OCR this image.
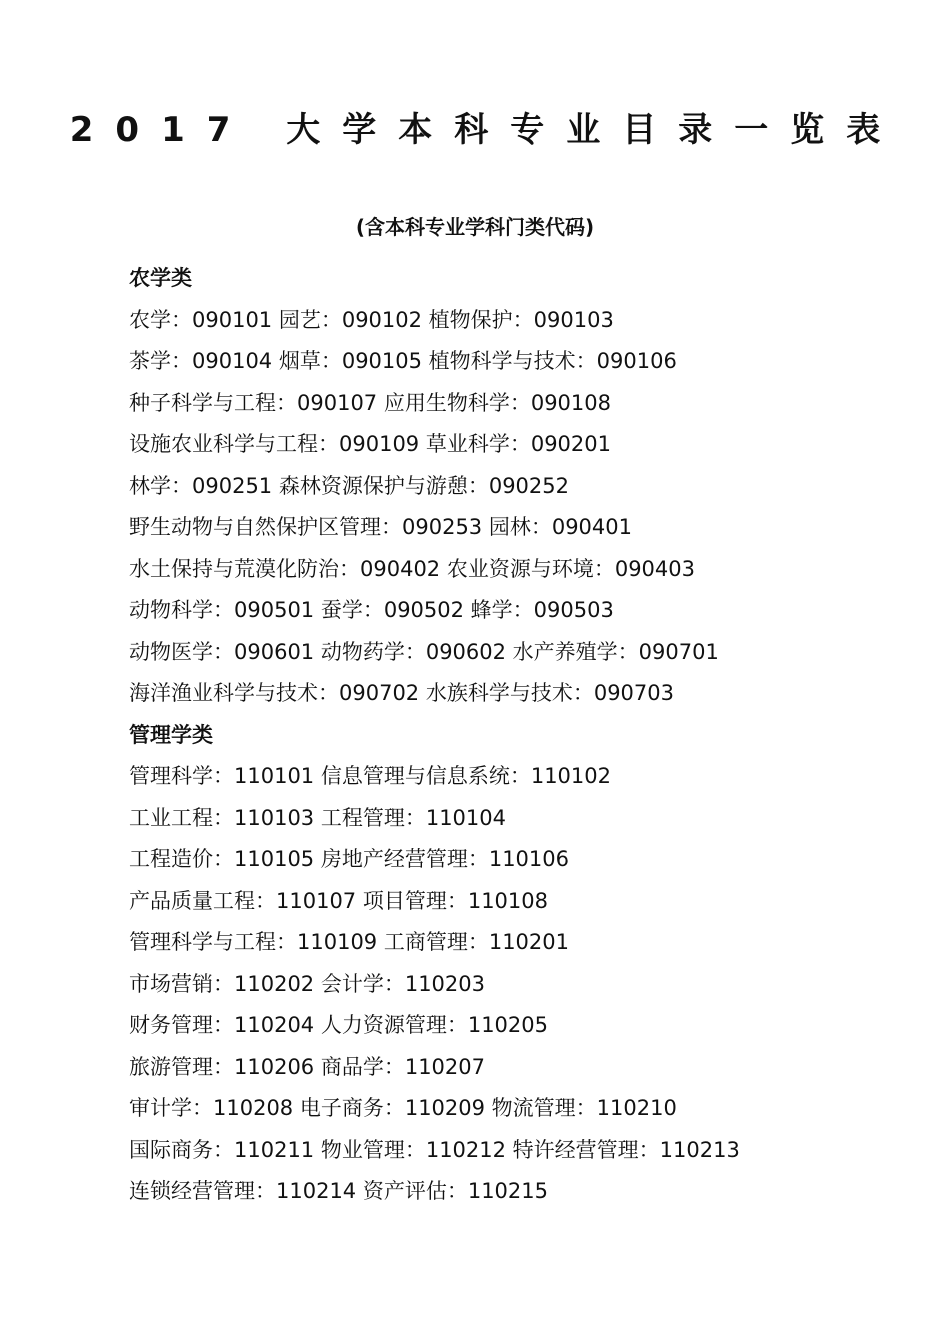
2017 大学本科专业目录一览表
(含本科专业学科门类代码)
农学类
农学：090101 园艺：090102 植物保护：090103
茶学：090104 烟草：090105 植物科学与技术：090106
种子科学与工程：090107 应用生物科学：090108
设施农业科学与工程：090109 草业科学：090201
林学：090251 森林资源保护与游憩：090252
野生动物与自然保护区管理：090253 园林：090401
水土保持与荒漠化防治：090402 农业资源与环境：090403
动物科学：090501 蚕学：090502 蜂学：090503
动物医学：090601 动物药学：090602 水产养殖学：090701
海洋渔业科学与技术：090702 水族科学与技术：090703
管理学类
管理科学：110101 信息管理与信息系统：110102
工业工程：110103 工程管理：110104
工程造价：110105 房地产经营管理：110106
产品质量工程：110107 项目管理：110108
管理科学与工程：110109 工商管理：110201
市场营销：110202 会计学：110203
财务管理：110204 人力资源管理：110205
旅游管理：110206 商品学：110207
审计学：110208 电子商务：110209 物流管理：110210
国际商务：110211 物业管理：110212 特许经营管理：110213
连锁经营管理：110214 资产评估：110215
